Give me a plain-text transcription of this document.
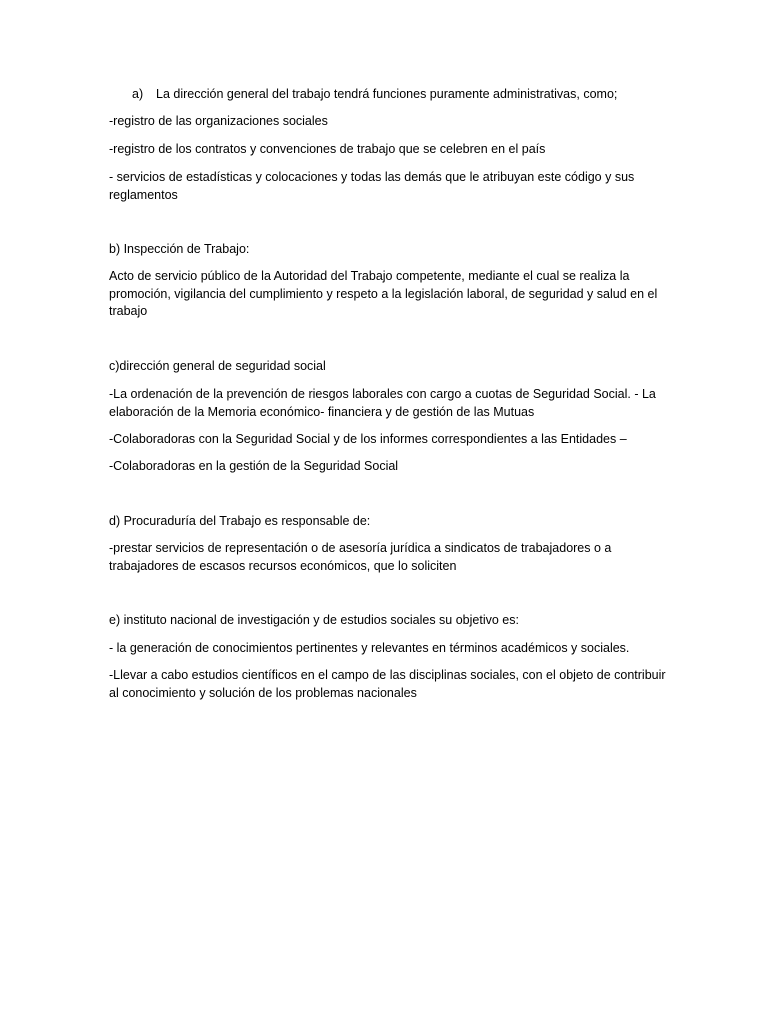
a) La dirección general del trabajo tendrá funciones puramente administrativas, como;

-registro de las organizaciones sociales

-registro de los contratos y convenciones de trabajo que se celebren en el país

- servicios de estadísticas y colocaciones y todas las demás que le atribuyan este código y sus reglamentos

b) Inspección de Trabajo:

Acto de servicio público de la Autoridad del Trabajo competente, mediante el cual se realiza la promoción, vigilancia del cumplimiento y respeto a la legislación laboral, de seguridad y salud en el trabajo

c)dirección general de seguridad social

-La ordenación de la prevención de riesgos laborales con cargo a cuotas de Seguridad Social. - La elaboración de la Memoria económico- financiera y de gestión de las Mutuas

-Colaboradoras con la Seguridad Social y de los informes correspondientes a las Entidades –

-Colaboradoras en la gestión de la Seguridad Social

d) Procuraduría del Trabajo es responsable de:

-prestar servicios de representación o de asesoría jurídica a sindicatos de trabajadores o a trabajadores de escasos recursos económicos, que lo soliciten

e) instituto nacional de investigación y de estudios sociales su objetivo es:

- la generación de conocimientos pertinentes y relevantes en términos académicos y sociales.

-Llevar a cabo estudios científicos en el campo de las disciplinas sociales, con el objeto de contribuir al conocimiento y solución de los problemas nacionales
